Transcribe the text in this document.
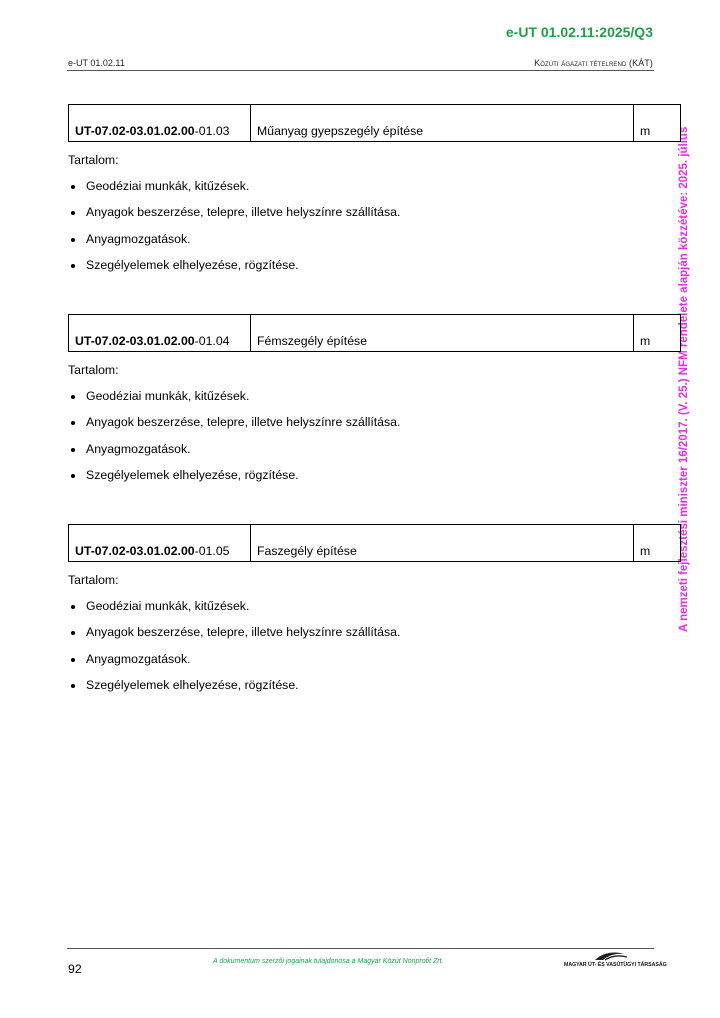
e-UT 01.02.11:2025/Q3
e-UT 01.02.11	Közúti ágazati tételrend (KÁT)
A nemzeti fejlesztési miniszter 16/2017. (V. 25.) NFM rendelete alapján közzétéve: 2025. július
UT-07.02-03.01.02.00-01.03	Műanyag gyepszegély építése	m
Tartalom:
Geodéziai munkák, kitűzések.
Anyagok beszerzése, telepre, illetve helyszínre szállítása.
Anyagmozgatások.
Szegélyelemek elhelyezése, rögzítése.
UT-07.02-03.01.02.00-01.04	Fémszegély építése	m
Tartalom:
Geodéziai munkák, kitűzések.
Anyagok beszerzése, telepre, illetve helyszínre szállítása.
Anyagmozgatások.
Szegélyelemek elhelyezése, rögzítése.
UT-07.02-03.01.02.00-01.05	Faszegély építése	m
Tartalom:
Geodéziai munkák, kitűzések.
Anyagok beszerzése, telepre, illetve helyszínre szállítása.
Anyagmozgatások.
Szegélyelemek elhelyezése, rögzítése.
92
A dokumentum szerzői jogainak tulajdonosa a Magyar Közút Nonprofit Zrt.	MAGYAR ÚT- ÉS VASÚTÜGYI TÁRSASÁG
